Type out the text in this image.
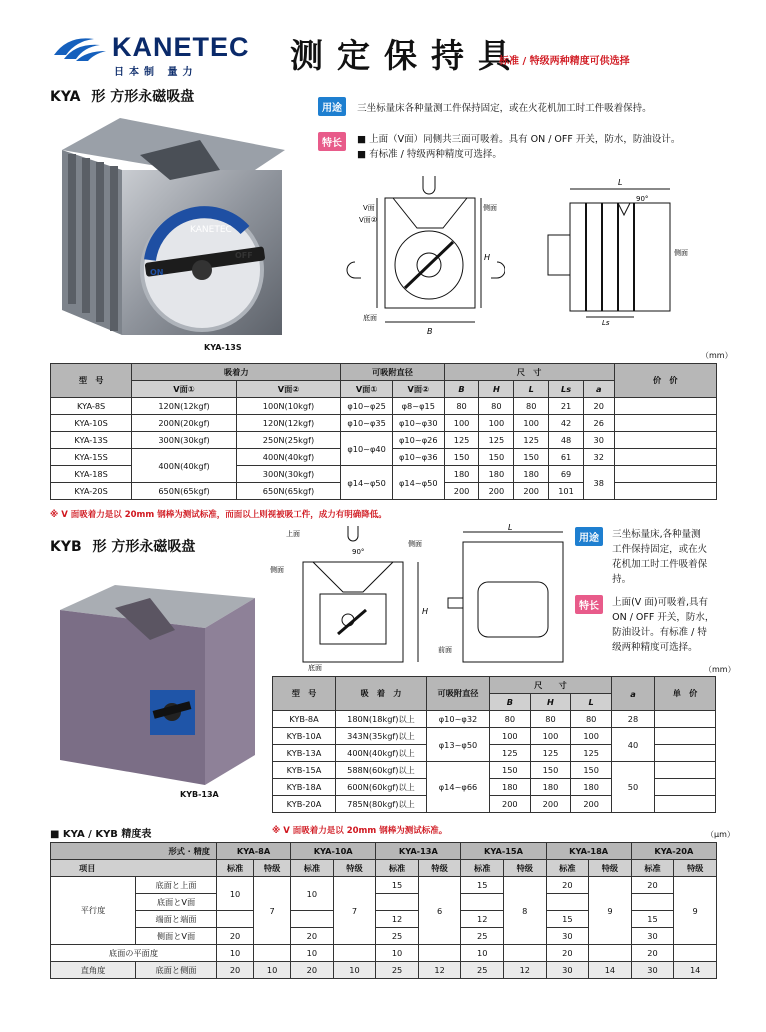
KANETEC
日本制 量力	测定保持具
标准 / 特级两种精度可供选择
KYA 形 方形永磁吸盘
KANETEC
ON
OFF
KYA-13S
用途 三坐标量床各种量测工件保持固定，或在火花机加工时工件吸着保持。
特长 ■ 上面（V面）同侧共三面可吸着。具有 ON / OFF 开关，防水，防油设计。
■ 有标准 / 特级两种精度可选择。
V面
V面②
侧面
底面
B
H
L
Ls
90°
侧面
（mm）
型　号	吸着力		可吸附直径		尺　寸					价　价
	V面①	V面②	V面①	V面②	B	H	L	Ls	a	
KYA-8S	120N(12kgf)	100N(10kgf)	φ10~φ25	φ8~φ15	80	80	80	21	20	
KYA-10S	200N(20kgf)	120N(12kgf)	φ10~φ35	φ10~φ30	100	100	100	42	26	
KYA-13S	300N(30kgf)	250N(25kgf)	φ10~φ40	φ10~φ26	125	125	125	48	30	
KYA-15S	400N(40kgf)	400N(40kgf)		φ10~φ36	150	150	150	61	32	
KYA-18S		300N(30kgf)	φ14~φ50	φ14~φ50	180	180	180	69	38	
KYA-20S	650N(65kgf)	650N(65kgf)			200	200	200	101		
※ V 面吸着力是以 20mm 钢棒为测试标准，而面以上则视被吸工件，成力有明确降低。
KYB 形 方形永磁吸盘
KYB-13A
上面
侧面
侧面
底面
90°
H
L
前面
用途 三坐标量床,各种量测
工件保持固定，或在火
花机加工时工件吸着保
持。
特长 上面(V 面)可吸着,具有
ON / OFF 开关，防水，
防油设计。有标准 / 特
级两种精度可选择。
（mm）
型　号	吸　着　力	可吸附直径	尺　　寸			a	单　价
			B	H	L		
KYB-8A	180N(18kgf)以上	φ10~φ32	80	80	80	28	
KYB-10A	343N(35kgf)以上	φ13~φ50	100	100	100	40	
KYB-13A	400N(40kgf)以上		125	125	125		
KYB-15A	588N(60kgf)以上	φ14~φ66	150	150	150	50	
KYB-18A	600N(60kgf)以上		180	180	180		
KYB-20A	785N(80kgf)以上		200	200	200		
■ KYA / KYB 精度表	※ V 面吸着力是以 20mm 钢棒为测试标准。	（μm）
形式 · 精度		KYA-8A		KYA-10A		KYA-13A		KYA-15A		KYA-18A		KYA-20A	
项目		标准	特级	标准	特级	标准	特级	标准	特级	标准	特级	标准	特级
平行度	底面と上面	10	7	10	7	15	6	15	8	20	9	20	9
	底面とV面												
	端面と端面					12		12		15		15	
	侧面とV面	20		20		25		25		30		30	
底面の平面度		10		10		10		10		20		20	
直角度	底面と侧面	20	10	20	10	25	12	25	12	30	14	30	14
